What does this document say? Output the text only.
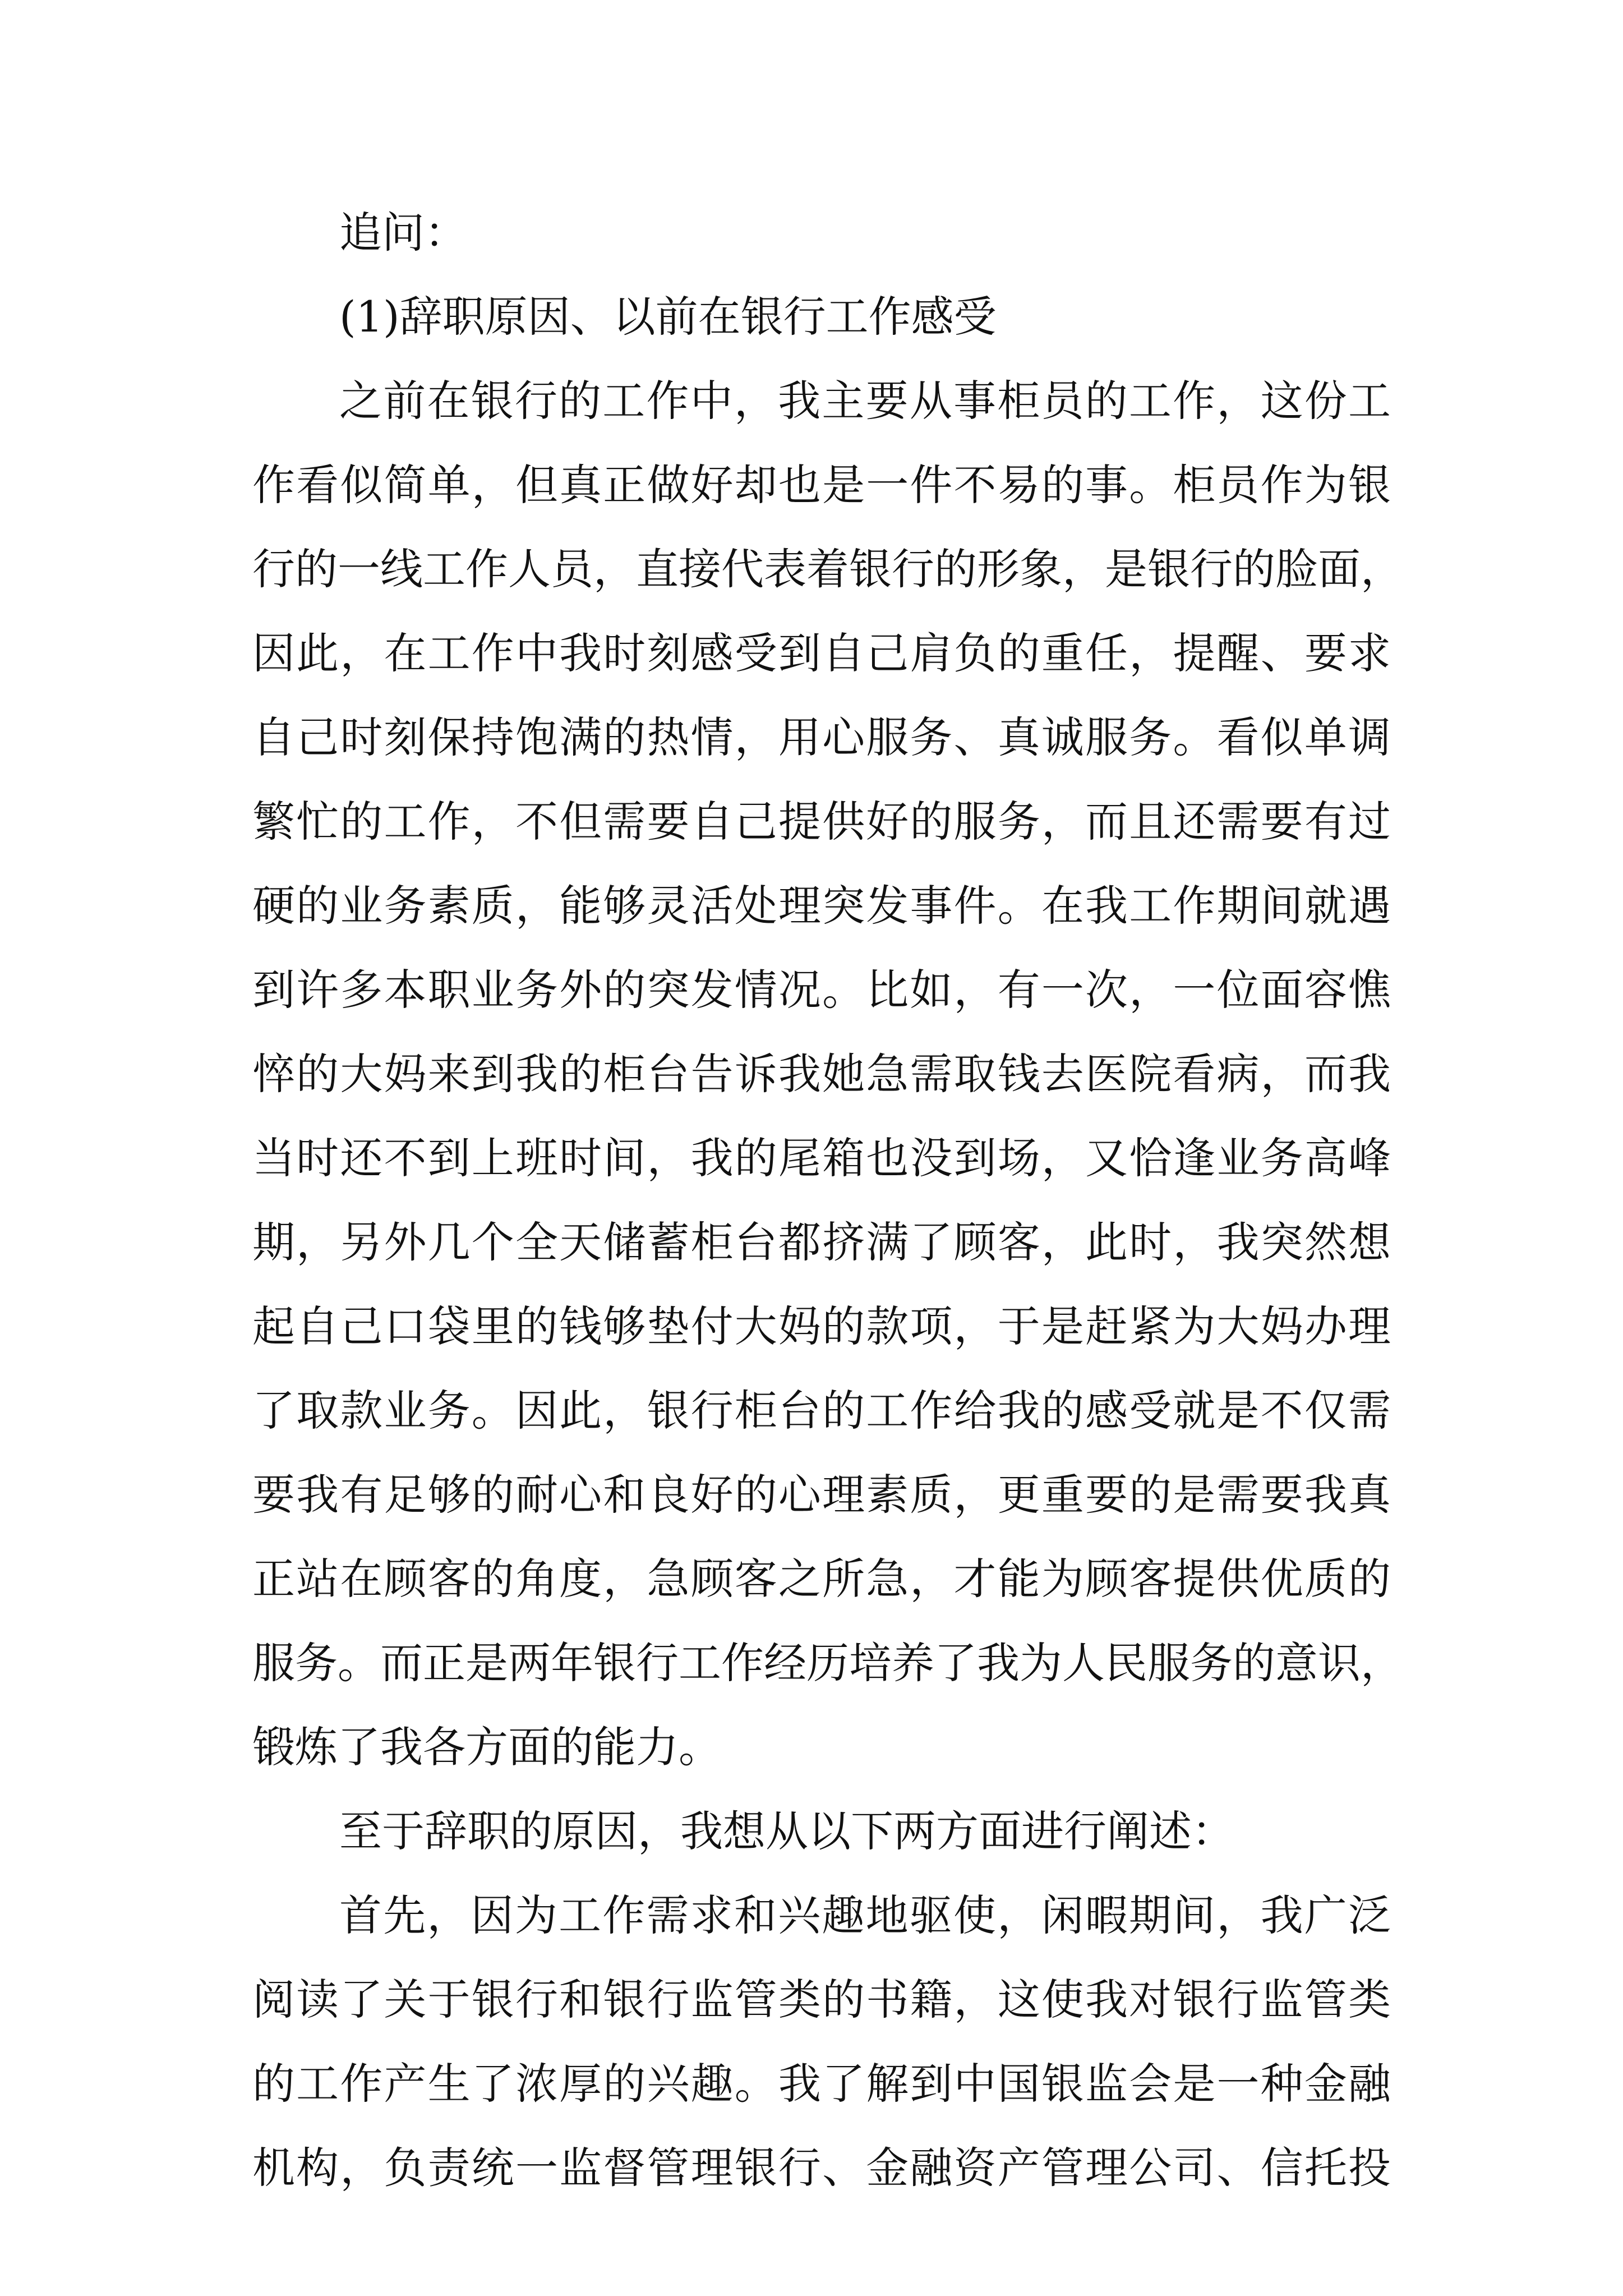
追问：
(1)辞职原因、以前在银行工作感受
之前在银行的工作中，我主要从事柜员的工作，这份工
作看似简单，但真正做好却也是一件不易的事。柜员作为银
行的一线工作人员，直接代表着银行的形象，是银行的脸面，
因此，在工作中我时刻感受到自己肩负的重任，提醒、要求
自己时刻保持饱满的热情，用心服务、真诚服务。看似单调
繁忙的工作，不但需要自己提供好的服务，而且还需要有过
硬的业务素质，能够灵活处理突发事件。在我工作期间就遇
到许多本职业务外的突发情况。比如，有一次，一位面容憔
悴的大妈来到我的柜台告诉我她急需取钱去医院看病，而我
当时还不到上班时间，我的尾箱也没到场，又恰逢业务高峰
期，另外几个全天储蓄柜台都挤满了顾客，此时，我突然想
起自己口袋里的钱够垫付大妈的款项，于是赶紧为大妈办理
了取款业务。因此，银行柜台的工作给我的感受就是不仅需
要我有足够的耐心和良好的心理素质，更重要的是需要我真
正站在顾客的角度，急顾客之所急，才能为顾客提供优质的
服务。而正是两年银行工作经历培养了我为人民服务的意识，
锻炼了我各方面的能力。
至于辞职的原因，我想从以下两方面进行阐述：
首先，因为工作需求和兴趣地驱使，闲暇期间，我广泛
阅读了关于银行和银行监管类的书籍，这使我对银行监管类
的工作产生了浓厚的兴趣。我了解到中国银监会是一种金融
机构，负责统一监督管理银行、金融资产管理公司、信托投
